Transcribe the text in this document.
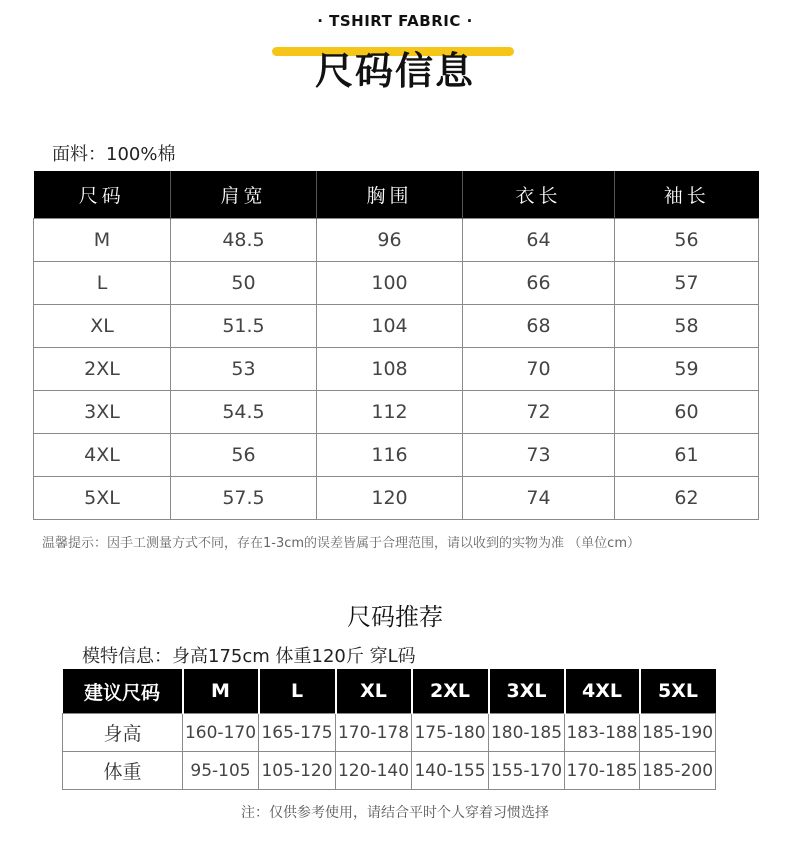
· TSHIRT FABRIC ·
尺码信息
面料：100%棉
尺码	肩宽	胸围	衣长	袖长
M	48.5	96	64	56
L	50	100	66	57
XL	51.5	104	68	58
2XL	53	108	70	59
3XL	54.5	112	72	60
4XL	56	116	73	61
5XL	57.5	120	74	62
温馨提示：因手工测量方式不同，存在1-3cm的误差皆属于合理范围，请以收到的实物为准 （单位cm）
尺码推荐
模特信息：身高175cm 体重120斤 穿L码
建议尺码	M	L	XL	2XL	3XL	4XL	5XL
身高	160-170	165-175	170-178	175-180	180-185	183-188	185-190
体重	95-105	105-120	120-140	140-155	155-170	170-185	185-200
注：仅供参考使用，请结合平时个人穿着习惯选择
